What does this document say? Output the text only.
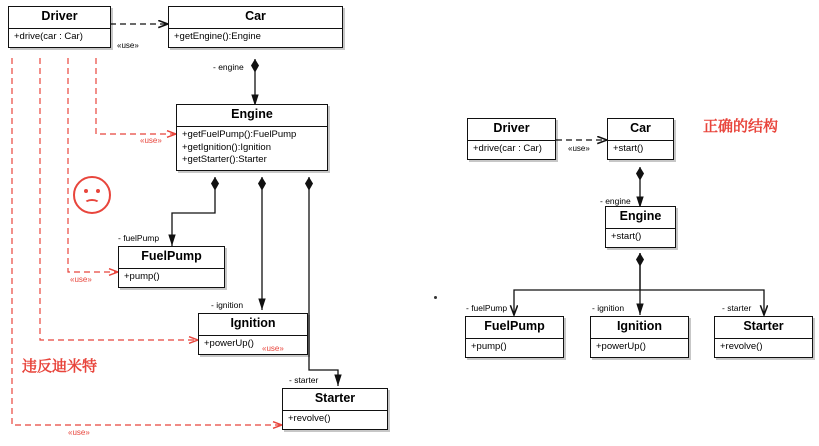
Driver
+drive(car : Car)
Car
+getEngine():Engine
Engine
+getFuelPump():FuelPump
+getIgnition():Ignition
+getStarter():Starter
FuelPump
+pump()
Ignition
+powerUp()
Starter
+revolve()
«use»
«use»
«use»
«use»
«use»
- engine
- fuelPump
- ignition
- starter
违反迪米特
Driver
+drive(car : Car)
Car
+start()
Engine
+start()
FuelPump
+pump()
Ignition
+powerUp()
Starter
+revolve()
«use»
- engine
- fuelPump	- ignition	- starter
正确的结构
